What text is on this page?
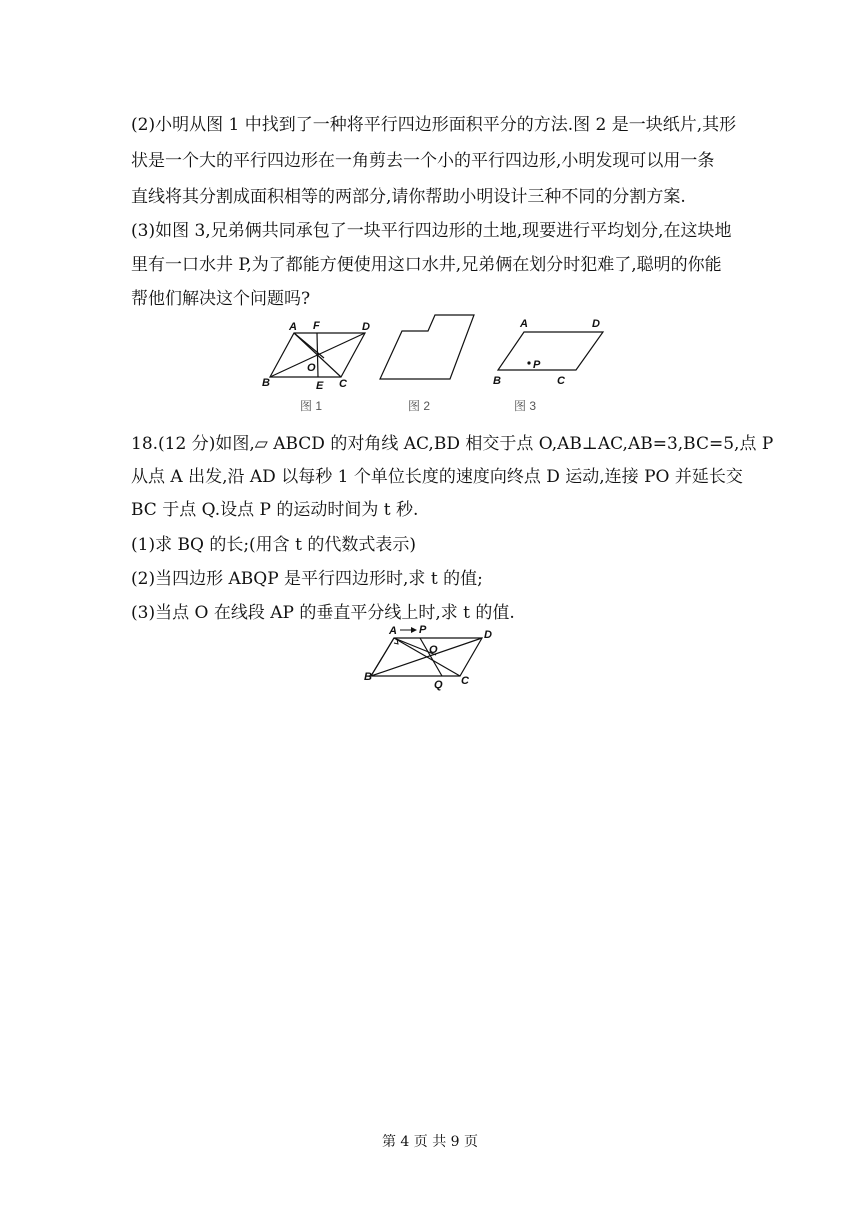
(2)小明从图 1 中找到了一种将平行四边形面积平分的方法.图 2 是一块纸片,其形
状是一个大的平行四边形在一角剪去一个小的平行四边形,小明发现可以用一条
直线将其分割成面积相等的两部分,请你帮助小明设计三种不同的分割方案.
(3)如图 3,兄弟俩共同承包了一块平行四边形的土地,现要进行平均划分,在这块地
里有一口水井 P,为了都能方便使用这口水井,兄弟俩在划分时犯难了,聪明的你能
帮他们解决这个问题吗?
A F	D
O
B	E C
图 1	图 2
A	D
P
B	C
图 3
18.(12 分)如图,▱ ABCD 的对角线 AC,BD 相交于点 O,AB⊥AC,AB=3,BC=5,点 P
从点 A 出发,沿 AD 以每秒 1 个单位长度的速度向终点 D 运动,连接 PO 并延长交
BC 于点 Q.设点 P 的运动时间为 t 秒.
(1)求 BQ 的长;(用含 t 的代数式表示)
(2)当四边形 ABQP 是平行四边形时,求 t 的值;
(3)当点 O 在线段 AP 的垂直平分线上时,求 t 的值.
A P	D
O
B
Q C
第 4 页 共 9 页
